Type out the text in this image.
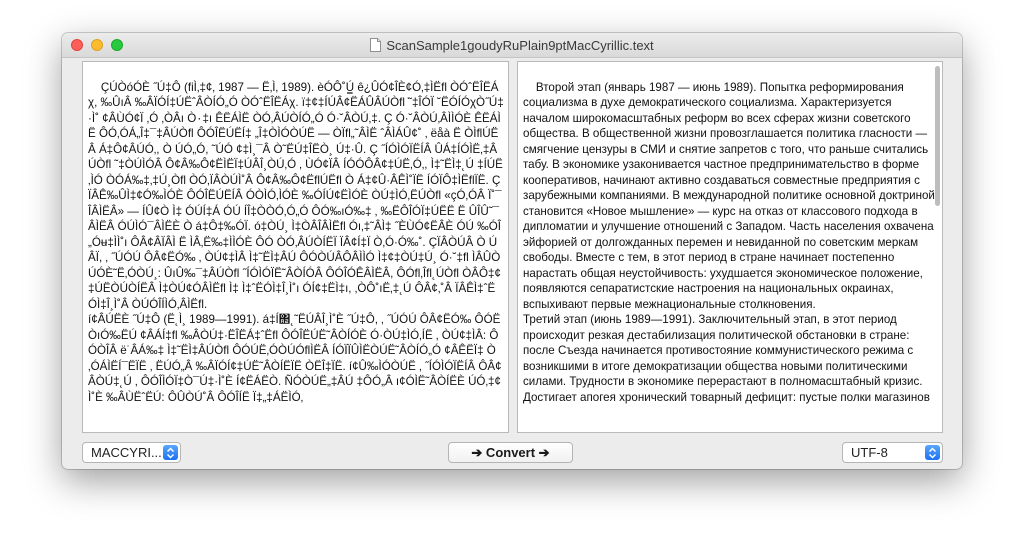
ScanSample1goudyRuPlain9ptMacCyrillic.text

ÇÚÒóÓÈ ˝Ú‡Ô (fiÌ‚‡¢‚ 1987 — Ë‚Ì‚ 1989). èÓÔ˚Ú͇ ê¿ÛÓ¢ÎÈ¢Ó‚‡ÌËfl ÒÓˆËÎËÁχ, ‰ÛıÂ ‰ÂÏÓÍ‡ÚËˆÂÒÍÓ„Ó ÒÓˆËÎËÁχ. ï‡¢‡ÍÚÂ¢ËÁÛÂÚÒfl ̇˜‡ÎÓÏ ˘ËÓÍÓχÒ˝Ú‡·Ì˚ ¢ÂÙÓ¢Ï ‚Ó ‚ÒÂı Ò٠‡ı ÊËÁÌË ÒÓ‚ÂÚÒÍÓ„Ó Ó·˘ÂÒÚ‚‡. Ç Ó·˘ÂÒÚ‚ÂÌÌÓÈ ÊËÁÌË ÔÓ‚ÓÁ„Î‡¯‡ÂÚÒfl ÔÓÎËÚËÍ‡ „Î‡ÒÌÓÒÚË — ÒÏfl„˜ÂÌË ˆÂÌÁÛ¢˚ ‚ ëåà Ë ÒÌflÚËÂ Á‡Ô¢ÂÚÓ‚, Ò ÚÓ„Ó, ˜ÚÓ ¢‡Ì¸¯Â Ò˜ËÚ‡ÎËÒ¸ Ú‡·Û. Ç ˝ÍÓÌÓÏËÍÂ ÛÁ‡ÍÓÌË‚‡ÂÚÒfl ˜‡ÒÚÌÓÂ Ô¢Â‰Ô¢ËÌËÏ‡ÚÂÎ¸ÒÚ‚Ó ‚ ÙÓ¢ÏÂ ÍÓÓÔÂ¢‡ÚË‚Ó‚, Ì‡˜ËÌ‡˛Ú ‡ÍÚË‚ÌÓ ÒÓÁ‰‡‚‡Ú¸Òfl ÒÓ‚ÏÂÒÚÌ˚Â Ô¢Â‰Ô¢ËflÚËfl Ò Á‡¢Û·ÂÊÌ˚ÏË ÍÓÏÔ‡ÌËflÏË. Ç ÏÂÊ‰ÛÌ‡¢Ó‰ÌÓÈ ÔÓÎËÚËÍÂ ÓÒÌÓ‚ÌÓÈ ‰ÓÍÚ¢ËÌÓÈ ÒÚ‡ÌÓ‚ËÚÒfl «çÓ‚ÓÂ Ï˚¯ÎÂÌËÂ» — ÍÛ¢Ò Ì‡ ÓÚÍ‡Á ÓÚ ÍÎ‡ÒÒÓ‚Ó„Ó ÔÓ‰ıÓ‰‡ ‚ ‰ËÔÎÓÏ‡ÚËË Ë ÛÎÛ˜¯ÂÌËÂ ÓÚÌÓ¯ÂÌËÈ Ò á‡Ô‡‰ÓÏ. ó‡ÒÚ¸ Ì‡ÒÂÎÂÌËfl Óı‚‡˜ÂÌ‡ ˝ÈÙÓ¢ËÂÈ ÓÚ ‰ÓÎ„Óʉ‡ÌÌ˚ı ÔÂ¢ÂÏÂÌ Ë ÌÂ‚Ë‰‡ÌÌÓÈ ÔÓ ÒÓ‚ÂÚÒÍËÏ ÏÂ¢Í‡Ï Ò‚Ó·Ó‰˚. ÇÏÂÒÚÂ Ò ÚÂÏ, ‚ ˝ÚÓÚ ÔÂ¢ËÓ‰ ‚ ÒÚ¢‡ÌÂ Ì‡˜ËÌ‡ÂÚ ÔÓÒÚÂÔÂÌÌÓ Ì‡¢‡ÒÚ‡Ú¸ Ó·˘‡fl ÌÂÛÒÚÓÈ˜Ë‚ÓÒÚ¸: ÛıÛ‰¯‡ÂÚÒfl ˝ÍÓÌÓÏË˜ÂÒÍÓÂ ÔÓÎÓÊÂÌËÂ, ÔÓfl‚Îfl˛ÚÒfl ÒÂÔ‡¢‡ÚËÒÚÒÍËÂ Ì‡ÒÚ¢ÓÂÌËfl Ì‡ Ì‡ˆËÓÌ‡Î¸Ì˚ı ÓÍ¢‡ËÌ‡ı, ‚ÒÔ˚ıË‚‡˛Ú ÔÂ¢‚˚Â ÏÂÊÌ‡ˆËÓÌ‡Î¸Ì˚Â ÒÚÓÎÍÌÓ‚ÂÌËfl.
í¢ÂÚËÈ ˝Ú‡Ô (Ë˛Ì¸ 1989—1991). á‡Í΢˛˜ËÚÂÎ¸Ì˚È ˝Ú‡Ô, ‚ ˝ÚÓÚ ÔÂ¢ËÓ‰ ÔÓËÒıÓ‰ËÚ ¢ÂÁÍ‡fl ‰ÂÒÚ‡·ËÎËÁ‡ˆËfl ÔÓÎËÚË˜ÂÒÍÓÈ Ó·ÒÚ‡ÌÓ‚ÍË ‚ ÒÚ¢‡ÌÂ: ÔÓÒÎÂ ë˙ÂÁ‰‡ Ì‡˜ËÌ‡ÂÚÒfl ÔÓÚË‚ÓÒÚÓflÌËÂ ÍÓÏÏÛÌËÒÚË˜ÂÒÍÓ„Ó ¢ÂÊËÏ‡ Ò ‚ÓÁÌËÍ¯ËÏË ‚ ËÚÓ„Â ‰ÂÏÓÍ¢‡ÚË˜ÂÒÍËÏË ÒËÎ‡ÏË. í¢Û‰ÌÓÒÚË ‚ ˝ÍÓÌÓÏËÍÂ ÔÂ¢ÂÒÚ‡˛Ú ‚ ÔÓÎÌÓÏ‡Ò¯Ú‡·Ì˚È Í¢ËÁËÒ. ÑÓÒÚË„‡ÂÚ ‡ÔÓ„Â ı¢ÓÌË˜ÂÒÍËÈ ÚÓ‚‡¢Ì˚È ‰ÂÙËˆËÚ: ÔÛÒÚ˚Â ÔÓÎÍË Ï‡„‡ÁËÌÓ‚

Второй этап (январь 1987 — июнь 1989). Попытка реформирования социализма в духе демократического социализма. Характеризуется началом широкомасштабных реформ во всех сферах жизни советского общества. В общественной жизни провозглашается политика гласности — смягчение цензуры в СМИ и снятие запретов с того, что раньше считались табу. В экономике узаконивается частное предпринимательство в форме кооперативов, начинают активно создаваться совместные предприятия с зарубежными компаниями. В международной политике основной доктриной становится «Новое мышление» — курс на отказ от классового подхода в дипломатии и улучшение отношений с Западом. Часть населения охвачена эйфорией от долгожданных перемен и невиданной по советским меркам свободы. Вместе с тем, в этот период в стране начинает постепенно нарастать общая неустойчивость: ухудшается экономическое положение, появляются сепаратистские настроения на национальных окраинах, вспыхивают первые межнациональные столкновения.
Третий этап (июнь 1989—1991). Заключительный этап, в этот период происходит резкая дестабилизация политической обстановки в стране: после Съезда начинается противостояние коммунистического режима с возникшими в итоге демократизации общества новыми политическими силами. Трудности в экономике перерастают в полномасштабный кризис. Достигает апогея хронический товарный дефицит: пустые полки магазинов

MACCYRI...	➔ Convert ➔	UTF-8
